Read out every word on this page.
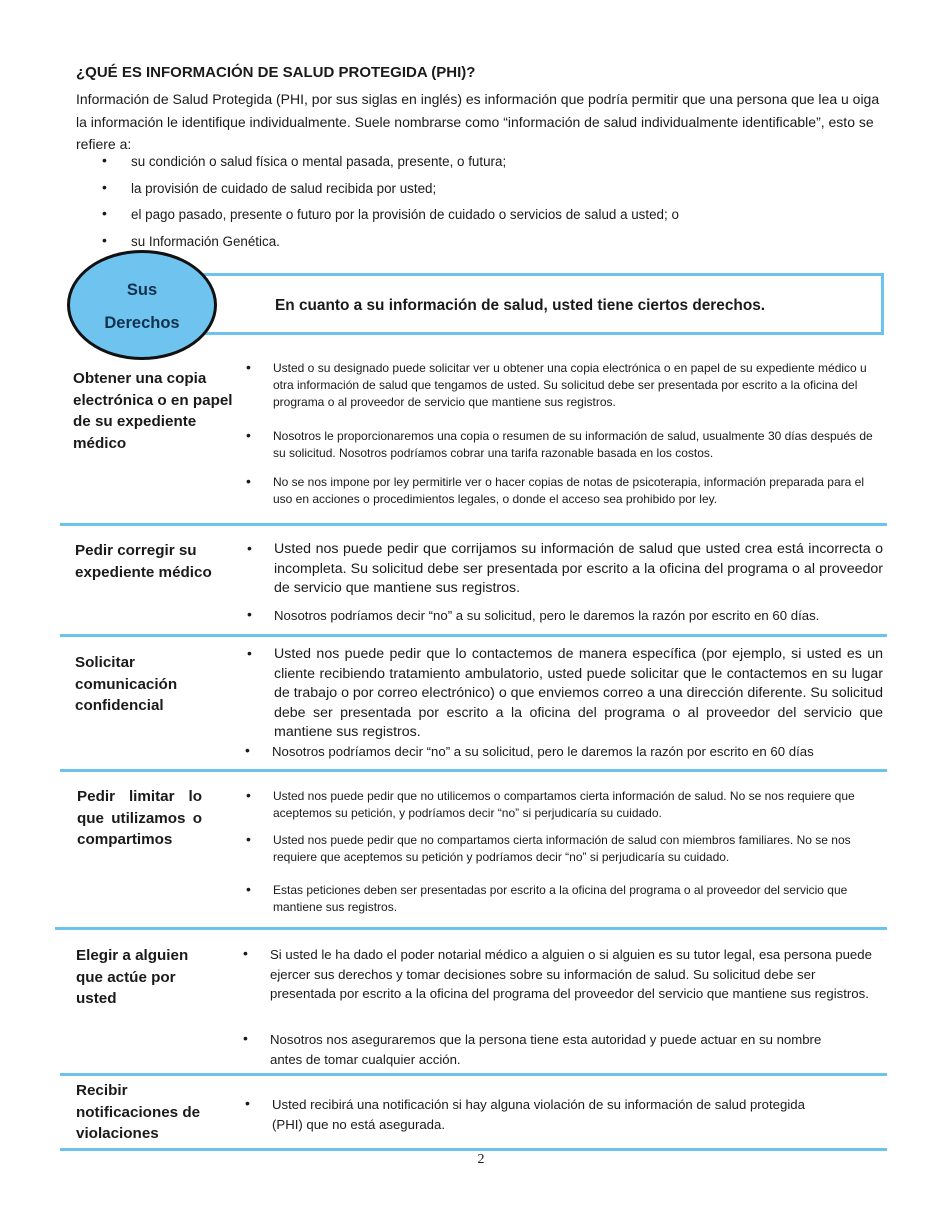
¿QUÉ ES INFORMACIÓN DE SALUD PROTEGIDA (PHI)?
Información de Salud Protegida (PHI, por sus siglas en inglés) es información que podría permitir que una persona que lea u oiga la información le identifique individualmente. Suele nombrarse como “información de salud individualmente identificable”, esto se refiere a:
• su condición o salud física o mental pasada, presente, o futura;
• la provisión de cuidado de salud recibida por usted;
• el pago pasado, presente o futuro por la provisión de cuidado o servicios de salud a usted; o
• su Información Genética.
En cuanto a su información de salud, usted tiene ciertos derechos.
Sus
Derechos
Obtener una copia electrónica o en papel de su expediente médico
• Usted o su designado puede solicitar ver u obtener una copia electrónica o en papel de su expediente médico u otra información de salud que tengamos de usted. Su solicitud debe ser presentada por escrito a la oficina del programa o al proveedor de servicio que mantiene sus registros.
• Nosotros le proporcionaremos una copia o resumen de su información de salud, usualmente 30 días después de su solicitud. Nosotros podríamos cobrar una tarifa razonable basada en los costos.
• No se nos impone por ley permitirle ver o hacer copias de notas de psicoterapia, información preparada para el uso en acciones o procedimientos legales, o donde el acceso sea prohibido por ley.
Pedir corregir su expediente médico
• Usted nos puede pedir que corrijamos su información de salud que usted crea está incorrecta o incompleta. Su solicitud debe ser presentada por escrito a la oficina del programa o al proveedor de servicio que mantiene sus registros.
• Nosotros podríamos decir “no” a su solicitud, pero le daremos la razón por escrito en 60 días.
Solicitar comunicación confidencial
• Usted nos puede pedir que lo contactemos de manera específica (por ejemplo, si usted es un cliente recibiendo tratamiento ambulatorio, usted puede solicitar que le contactemos en su lugar de trabajo o por correo electrónico) o que enviemos correo a una dirección diferente. Su solicitud debe ser presentada por escrito a la oficina del programa o al proveedor del servicio que mantiene sus registros.
• Nosotros podríamos decir “no” a su solicitud, pero le daremos la razón por escrito en 60 días
Pedir limitar lo que utilizamos o compartimos
• Usted nos puede pedir que no utilicemos o compartamos cierta información de salud. No se nos requiere que aceptemos su petición, y podríamos decir “no” si perjudicaría su cuidado.
• Usted nos puede pedir que no compartamos cierta información de salud con miembros familiares. No se nos requiere que aceptemos su petición y podríamos decir “no” si perjudicaría su cuidado.
• Estas peticiones deben ser presentadas por escrito a la oficina del programa o al proveedor del servicio que mantiene sus registros.
Elegir a alguien que actúe por usted
• Si usted le ha dado el poder notarial médico a alguien o si alguien es su tutor legal, esa persona puede ejercer sus derechos y tomar decisiones sobre su información de salud. Su solicitud debe ser presentada por escrito a la oficina del programa del proveedor del servicio que mantiene sus registros.
• Nosotros nos aseguraremos que la persona tiene esta autoridad y puede actuar en su nombre antes de tomar cualquier acción.
Recibir notificaciones de violaciones
• Usted recibirá una notificación si hay alguna violación de su información de salud protegida (PHI) que no está asegurada.
2
